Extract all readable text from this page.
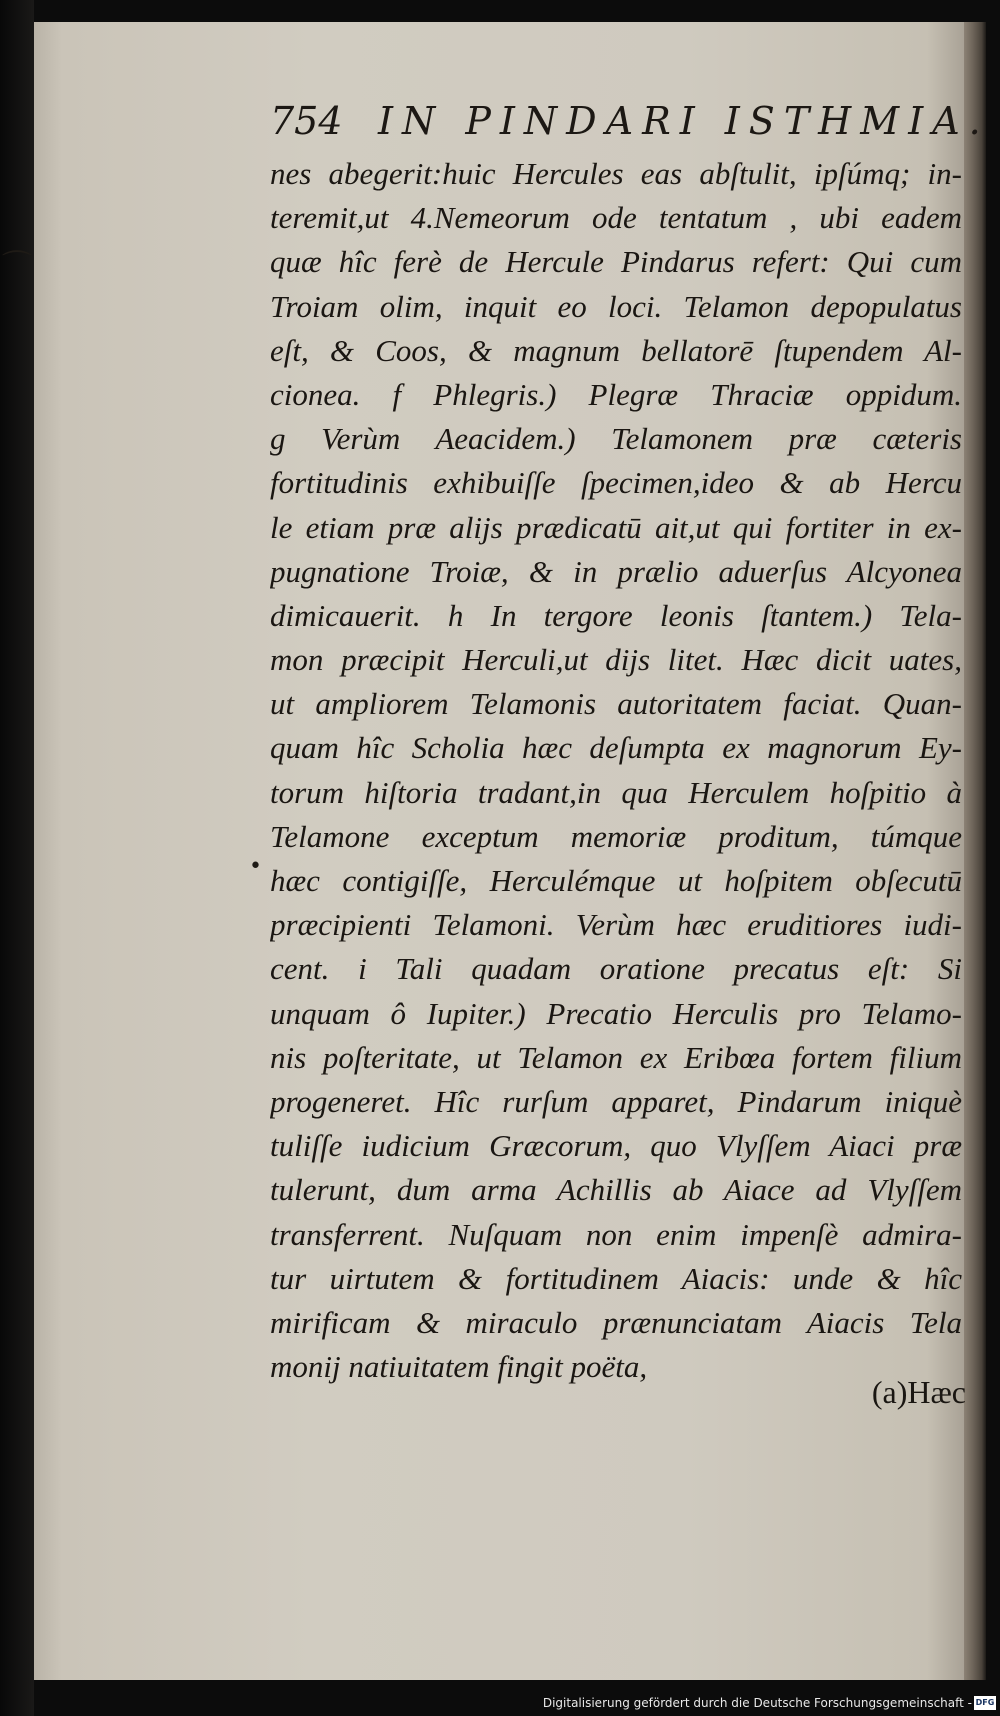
⌒
•
754 IN PINDARI ISTHMIA.
nes abegerit:huic Hercules eas abſtulit, ipſúmq; in-
teremit,ut 4.Nemeorum ode tentatum , ubi eadem
quæ hîc ferè de Hercule Pindarus refert: Qui cum
Troiam olim, inquit eo loci. Telamon depopulatus
eſt, & Coos, & magnum bellatorē ſtupendem Al-
cionea. f Phlegris.) Plegræ Thraciæ oppidum.
g Verùm Aeacidem.) Telamonem præ cæteris
fortitudinis exhibuiſſe ſpecimen,ideo & ab Hercu
le etiam præ alijs prædicatū ait,ut qui fortiter in ex-
pugnatione Troiæ, & in prælio aduerſus Alcyonea
dimicauerit. h In tergore leonis ſtantem.) Tela-
mon præcipit Herculi,ut dijs litet. Hæc dicit uates,
ut ampliorem Telamonis autoritatem faciat. Quan-
quam hîc Scholia hæc deſumpta ex magnorum Ey-
torum hiſtoria tradant,in qua Herculem hoſpitio à
Telamone exceptum memoriæ proditum, túmque
hæc contigiſſe, Herculémque ut hoſpitem obſecutū
præcipienti Telamoni. Verùm hæc eruditiores iudi-
cent. i Tali quadam oratione precatus eſt: Si
unquam ô Iupiter.) Precatio Herculis pro Telamo-
nis poſteritate, ut Telamon ex Eribœa fortem filium
progeneret. Hîc rurſum apparet, Pindarum iniquè
tuliſſe iudicium Græcorum, quo Vlyſſem Aiaci præ
tulerunt, dum arma Achillis ab Aiace ad Vlyſſem
transferrent. Nuſquam non enim impenſè admira-
tur uirtutem & fortitudinem Aiacis: unde & hîc
mirificam & miraculo prænunciatam Aiacis Tela
monij natiuitatem fingit poëta,
(a)Hæc
Digitalisierung gefördert durch die Deutsche Forschungsgemeinschaft - DFG
